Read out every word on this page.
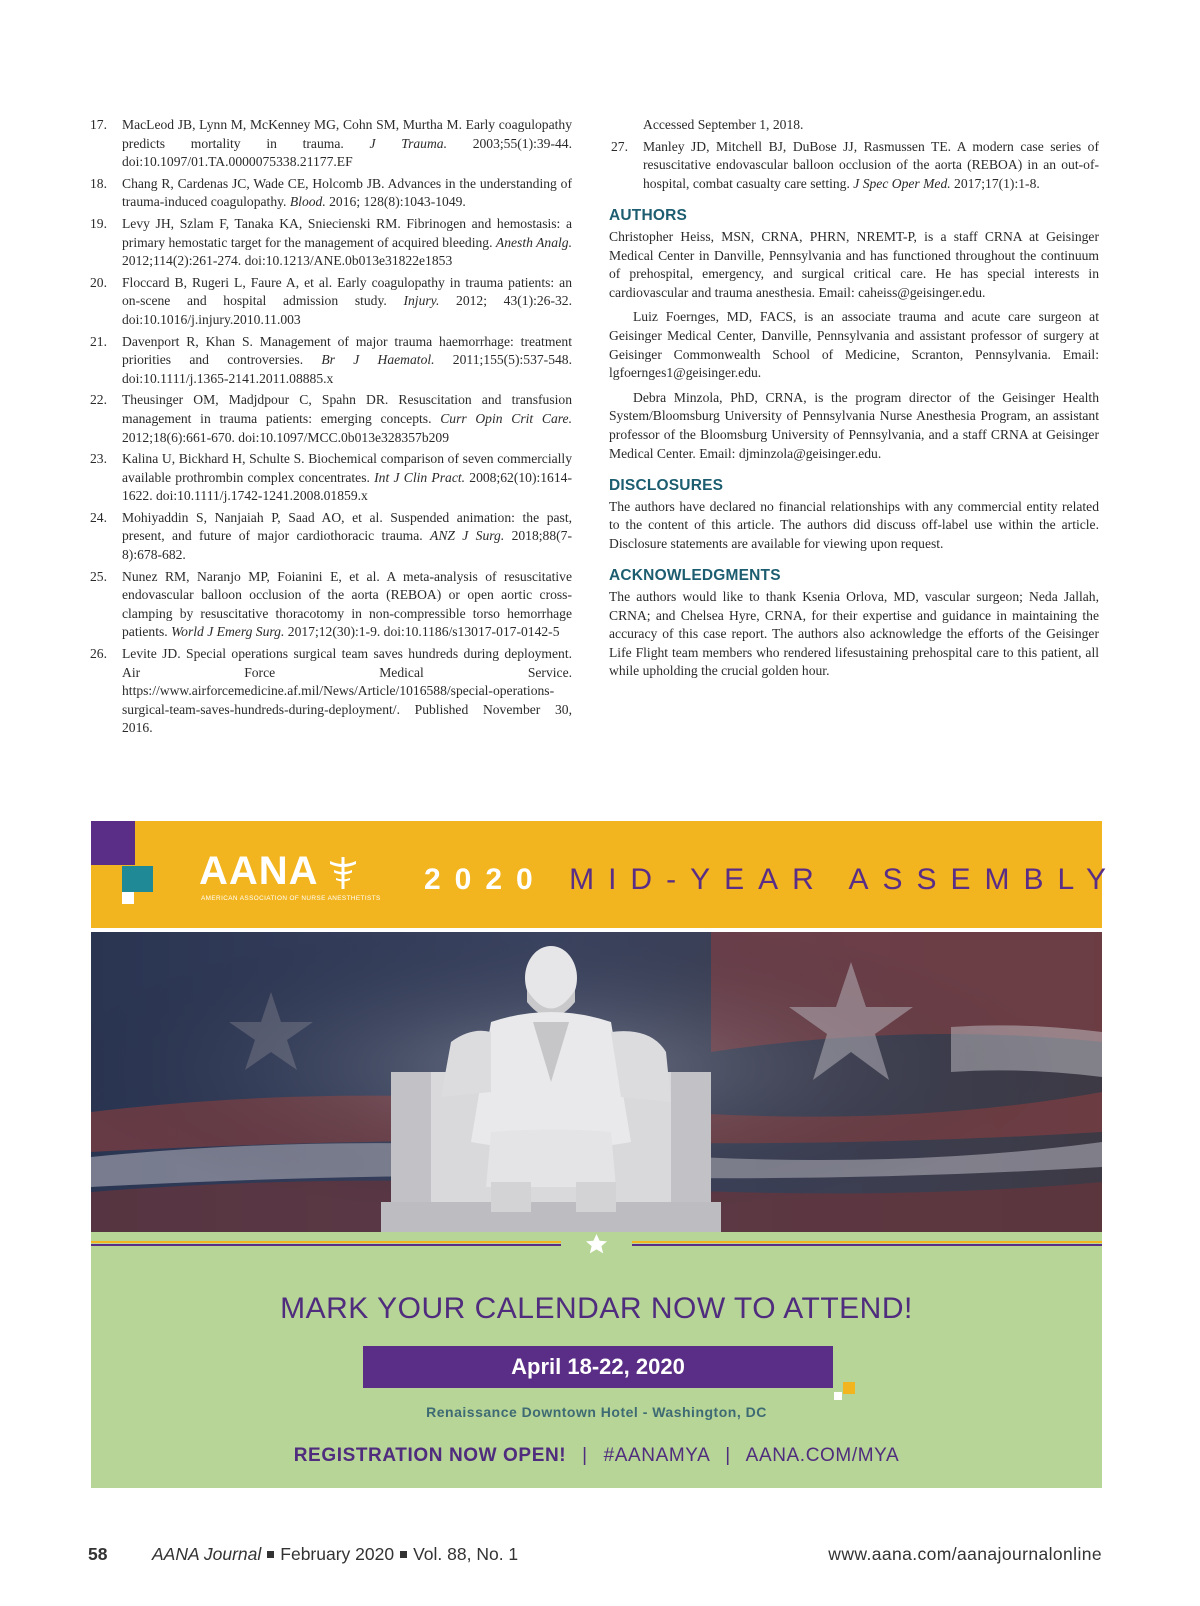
17. MacLeod JB, Lynn M, McKenney MG, Cohn SM, Murtha M. Early coagulopathy predicts mortality in trauma. J Trauma. 2003;55(1):39-44. doi:10.1097/01.TA.0000075338.21177.EF
18. Chang R, Cardenas JC, Wade CE, Holcomb JB. Advances in the understanding of trauma-induced coagulopathy. Blood. 2016; 128(8):1043-1049.
19. Levy JH, Szlam F, Tanaka KA, Sniecienski RM. Fibrinogen and hemostasis: a primary hemostatic target for the management of acquired bleeding. Anesth Analg. 2012;114(2):261-274. doi:10.1213/ANE.0b013e31822e1853
20. Floccard B, Rugeri L, Faure A, et al. Early coagulopathy in trauma patients: an on-scene and hospital admission study. Injury. 2012; 43(1):26-32. doi:10.1016/j.injury.2010.11.003
21. Davenport R, Khan S. Management of major trauma haemorrhage: treatment priorities and controversies. Br J Haematol. 2011;155(5):537-548. doi:10.1111/j.1365-2141.2011.08885.x
22. Theusinger OM, Madjdpour C, Spahn DR. Resuscitation and transfusion management in trauma patients: emerging concepts. Curr Opin Crit Care. 2012;18(6):661-670. doi:10.1097/MCC.0b013e328357b209
23. Kalina U, Bickhard H, Schulte S. Biochemical comparison of seven commercially available prothrombin complex concentrates. Int J Clin Pract. 2008;62(10):1614-1622. doi:10.1111/j.1742-1241.2008.01859.x
24. Mohiyaddin S, Nanjaiah P, Saad AO, et al. Suspended animation: the past, present, and future of major cardiothoracic trauma. ANZ J Surg. 2018;88(7-8):678-682.
25. Nunez RM, Naranjo MP, Foianini E, et al. A meta-analysis of resuscitative endovascular balloon occlusion of the aorta (REBOA) or open aortic cross-clamping by resuscitative thoracotomy in non-compressible torso hemorrhage patients. World J Emerg Surg. 2017;12(30):1-9. doi:10.1186/s13017-017-0142-5
26. Levite JD. Special operations surgical team saves hundreds during deployment. Air Force Medical Service. https://www.airforcemedicine.af.mil/News/Article/1016588/special-operations-surgical-team-saves-hundreds-during-deployment/. Published November 30, 2016.
Accessed September 1, 2018.
27. Manley JD, Mitchell BJ, DuBose JJ, Rasmussen TE. A modern case series of resuscitative endovascular balloon occlusion of the aorta (REBOA) in an out-of-hospital, combat casualty care setting. J Spec Oper Med. 2017;17(1):1-8.
AUTHORS

Christopher Heiss, MSN, CRNA, PHRN, NREMT-P, is a staff CRNA at Geisinger Medical Center in Danville, Pennsylvania and has functioned throughout the continuum of prehospital, emergency, and surgical critical care. He has special interests in cardiovascular and trauma anesthesia. Email: caheiss@geisinger.edu.

Luiz Foernges, MD, FACS, is an associate trauma and acute care surgeon at Geisinger Medical Center, Danville, Pennsylvania and assistant professor of surgery at Geisinger Commonwealth School of Medicine, Scranton, Pennsylvania. Email: lgfoernges1@geisinger.edu.

Debra Minzola, PhD, CRNA, is the program director of the Geisinger Health System/Bloomsburg University of Pennsylvania Nurse Anesthesia Program, an assistant professor of the Bloomsburg University of Pennsylvania, and a staff CRNA at Geisinger Medical Center. Email: djminzola@geisinger.edu.

DISCLOSURES

The authors have declared no financial relationships with any commercial entity related to the content of this article. The authors did discuss off-label use within the article. Disclosure statements are available for viewing upon request.

ACKNOWLEDGMENTS

The authors would like to thank Ksenia Orlova, MD, vascular surgeon; Neda Jallah, CRNA; and Chelsea Hyre, CRNA, for their expertise and guidance in maintaining the accuracy of this case report. The authors also acknowledge the efforts of the Geisinger Life Flight team members who rendered lifesustaining prehospital care to this patient, all while upholding the crucial golden hour.

AANA
AMERICAN ASSOCIATION OF NURSE ANESTHETISTS
2020 MID-YEAR ASSEMBLY
MARK YOUR CALENDAR NOW TO ATTEND!
April 18-22, 2020
Renaissance Downtown Hotel - Washington, DC
REGISTRATION NOW OPEN! | #AANAMYA | AANA.COM/MYA
58	AANA Journal February 2020 Vol. 88, No. 1	www.aana.com/aanajournalonline
